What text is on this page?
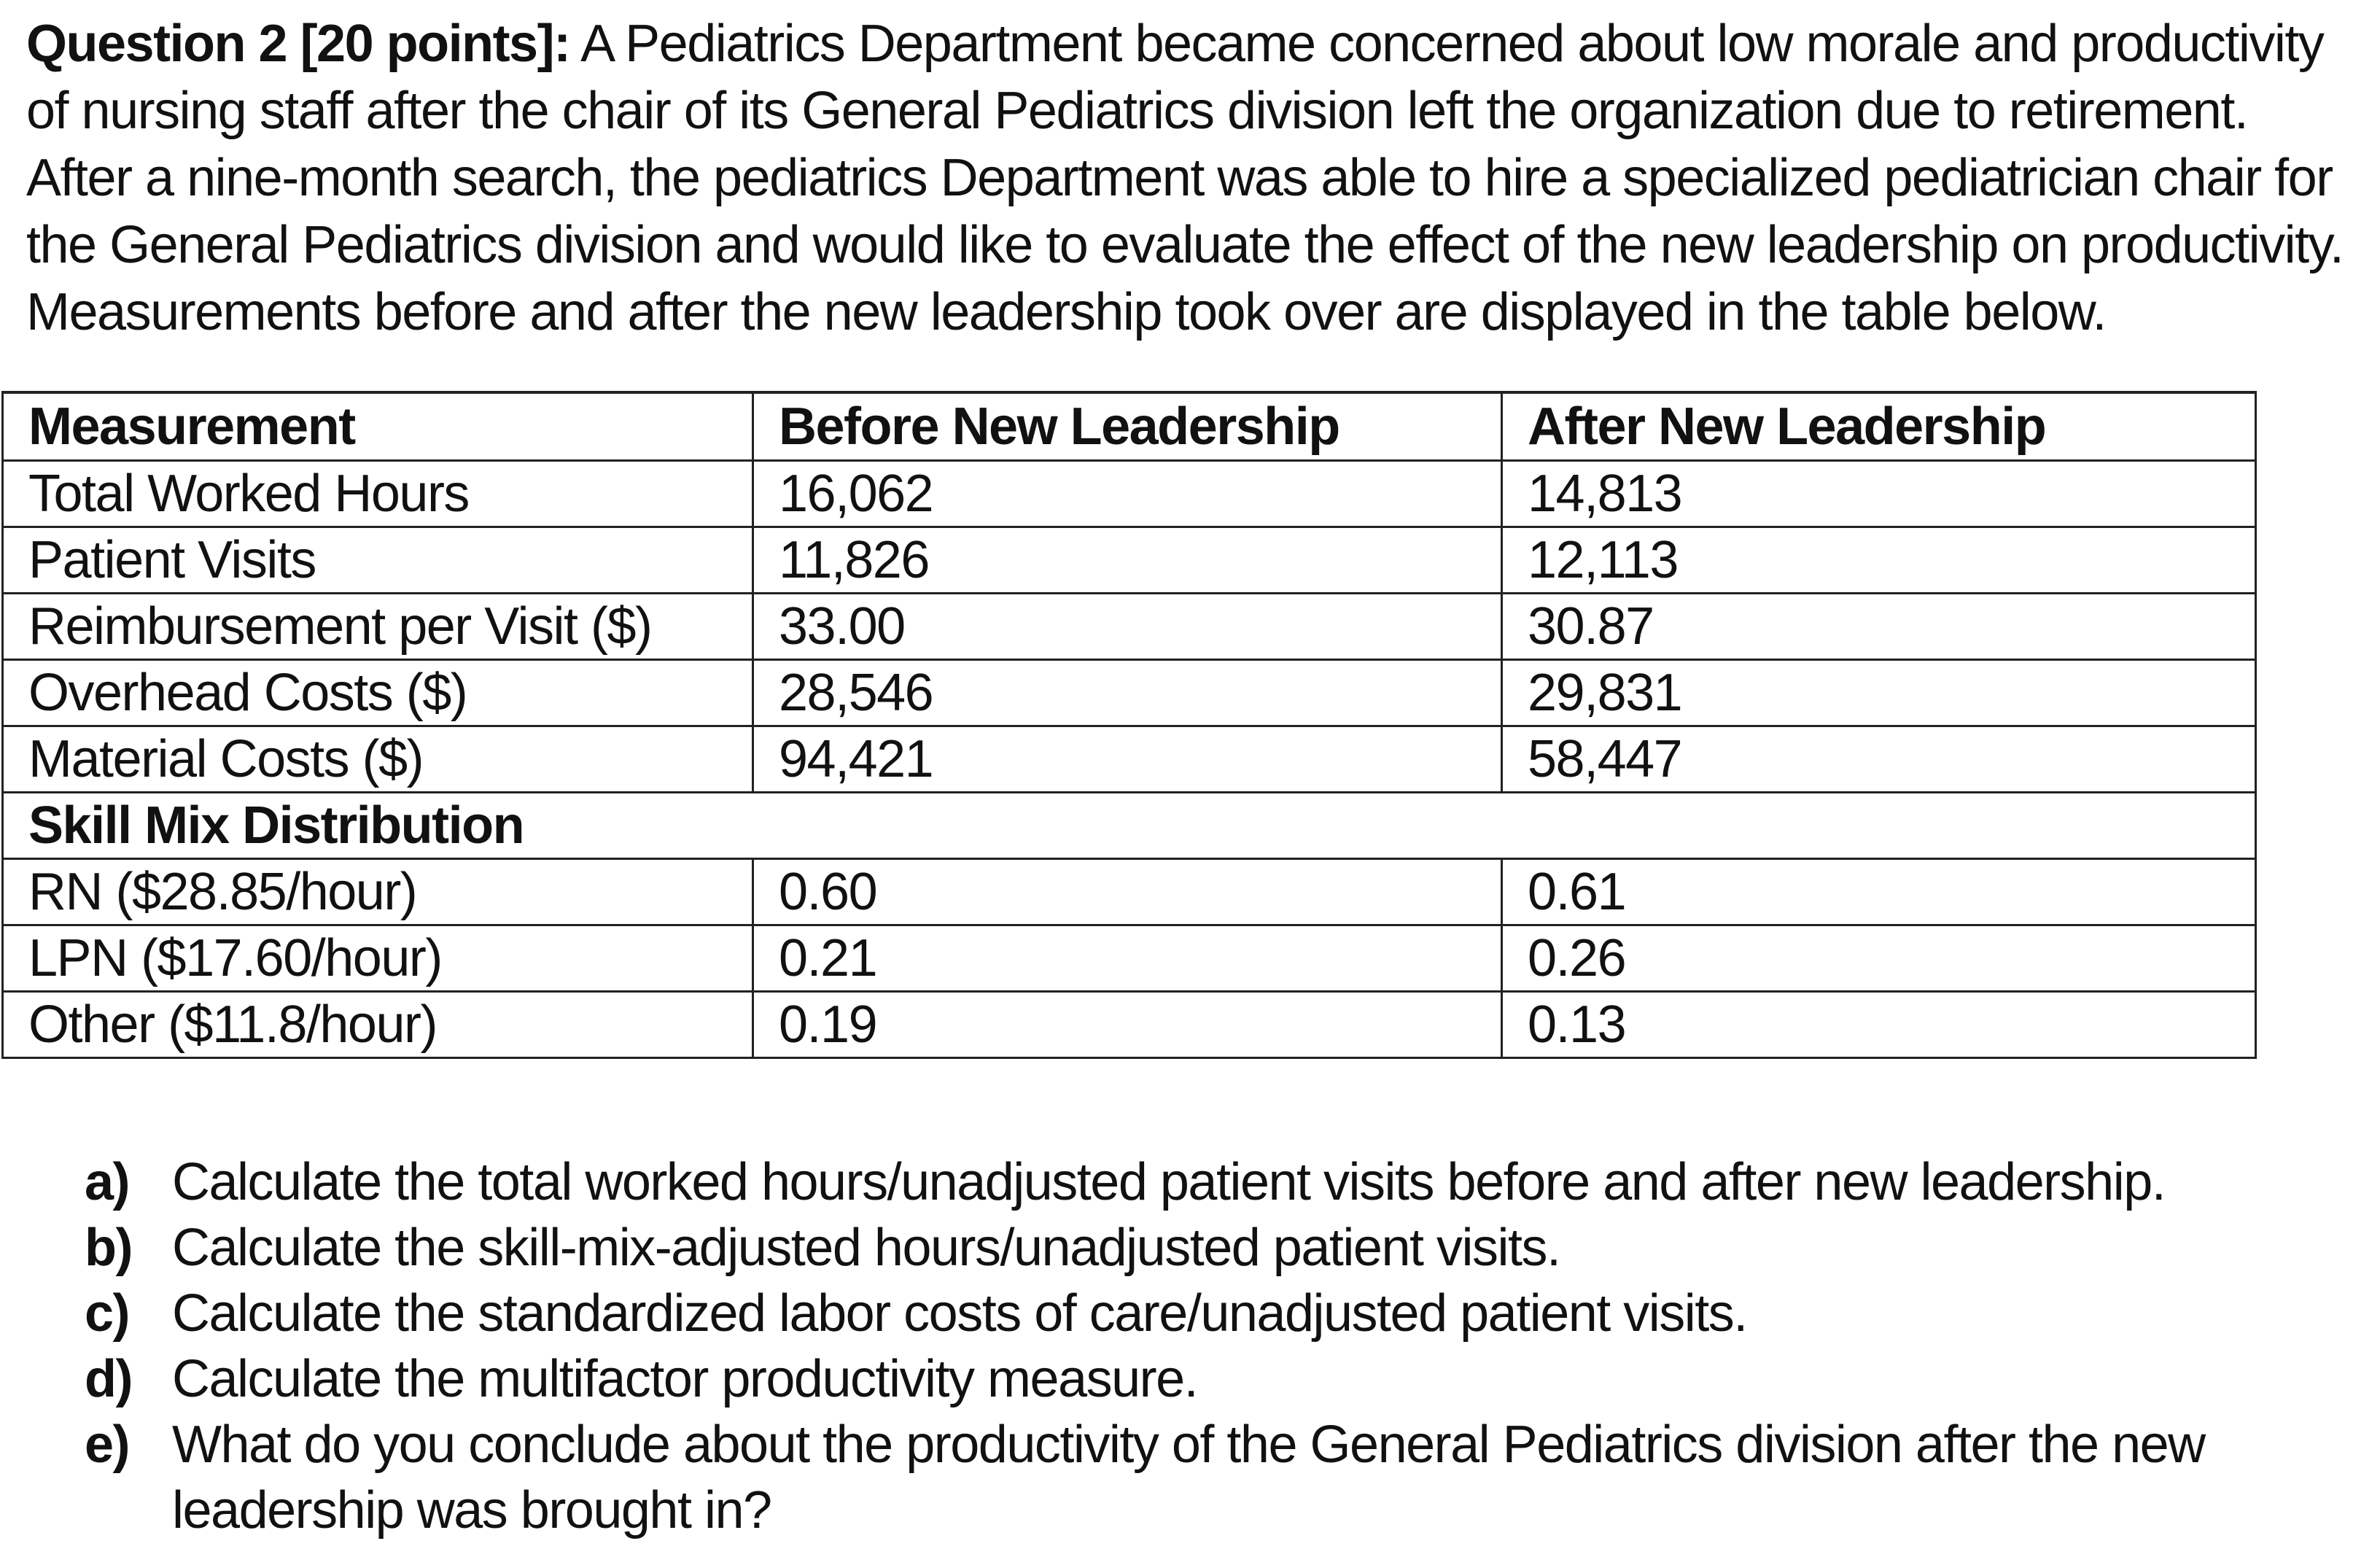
Question 2 [20 points]: A Pediatrics Department became concerned about low morale and productivity of nursing staff after the chair of its General Pediatrics division left the organization due to retirement. After a nine-month search, the pediatrics Department was able to hire a specialized pediatrician chair for the General Pediatrics division and would like to evaluate the effect of the new leadership on productivity. Measurements before and after the new leadership took over are displayed in the table below.

Measurement	Before New Leadership	After New Leadership
Total Worked Hours	16,062	14,813
Patient Visits	11,826	12,113
Reimbursement per Visit ($)	33.00	30.87
Overhead Costs ($)	28,546	29,831
Material Costs ($)	94,421	58,447
Skill Mix Distribution		
RN ($28.85/hour)	0.60	0.61
LPN ($17.60/hour)	0.21	0.26
Other ($11.8/hour)	0.19	0.13
a) Calculate the total worked hours/unadjusted patient visits before and after new leadership.
b) Calculate the skill-mix-adjusted hours/unadjusted patient visits.
c) Calculate the standardized labor costs of care/unadjusted patient visits.
d) Calculate the multifactor productivity measure.
e) What do you conclude about the productivity of the General Pediatrics division after the new leadership was brought in?
